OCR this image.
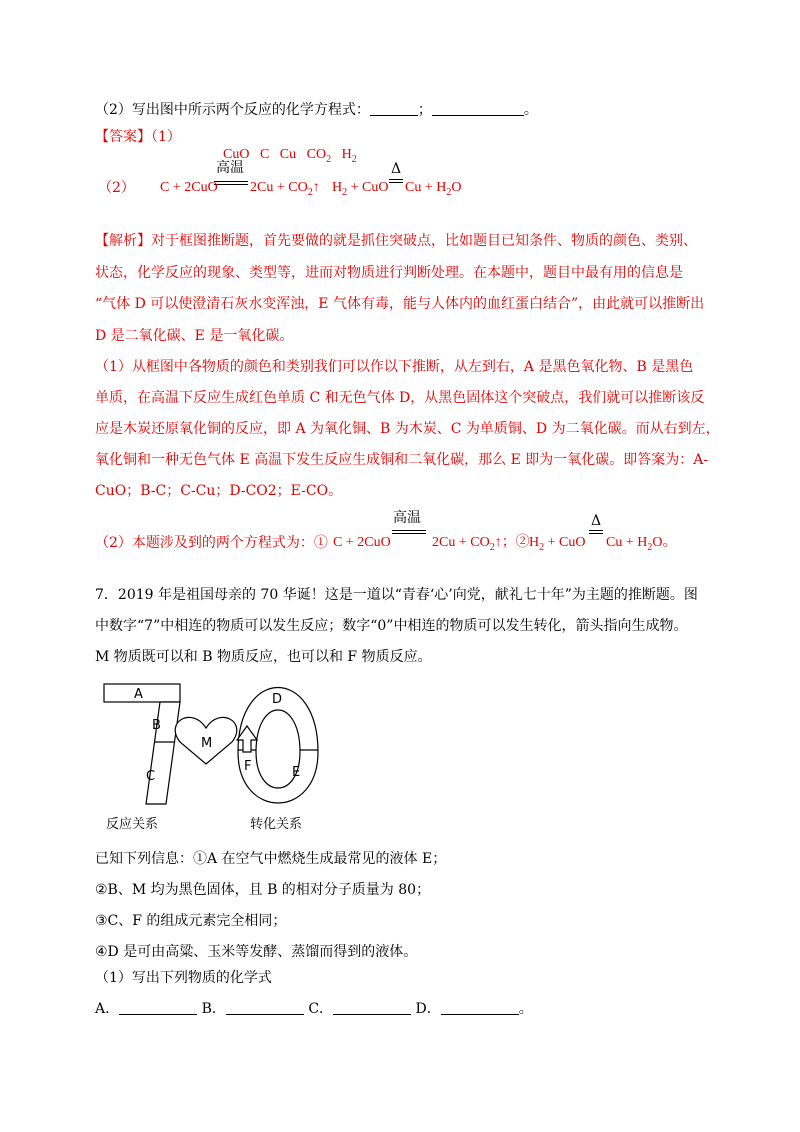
（2）写出图中所示两个反应的化学方程式：	；	。
【答案】（1）

CuO   C   Cu   $CO_2$   $H_2$

（2）
高温
C + 2CuO $2Cu + CO_2↑$
Δ
$H_2$ + CuO $Cu + H_2O$
【解析】对于框图推断题，首先要做的就是抓住突破点，比如题目已知条件、物质的颜色、类别、
状态，化学反应的现象、类型等，进而对物质进行判断处理。在本题中，题目中最有用的信息是
“气体 D 可以使澄清石灰水变浑浊，E 气体有毒，能与人体内的血红蛋白结合”，由此就可以推断出
D 是二氧化碳、E 是一氧化碳。
（1）从框图中各物质的颜色和类别我们可以作以下推断，从左到右，A 是黑色氧化物、B 是黑色
单质，在高温下反应生成红色单质 C 和无色气体 D，从黑色固体这个突破点，我们就可以推断该反
应是木炭还原氧化铜的反应，即 A 为氧化铜、B 为木炭、C 为单质铜、D 为二氧化碳。而从右到左，
氧化铜和一种无色气体 E 高温下发生反应生成铜和二氧化碳，那么 E 即为一氧化碳。即答案为：A-
CuO；B-C；C-Cu；D-CO2；E-CO。
（2）本题涉及到的两个方程式为：① C + 2CuO
高温
$2Cu + CO_2↑$；② $H_2$ + CuO
Δ
$Cu + H_2O$。
7．2019 年是祖国母亲的 70 华诞！这是一道以“青春‘心’向党，献礼七十年”为主题的推断题。图
中数字“7”中相连的物质可以发生反应；数字“0”中相连的物质可以发生转化，箭头指向生成物。
M 物质既可以和 B 物质反应，也可以和 F 物质反应。
A
B
C
M
D
E
F
反应关系	转化关系
已知下列信息：①A 在空气中燃烧生成最常见的液体 E；
②B、M 均为黑色固体，且 B 的相对分子质量为 80；
③C、F 的组成元素完全相同；
④D 是可由高粱、玉米等发酵、蒸馏而得到的液体。
（1）写出下列物质的化学式
A．	B．	C．	D．	。
